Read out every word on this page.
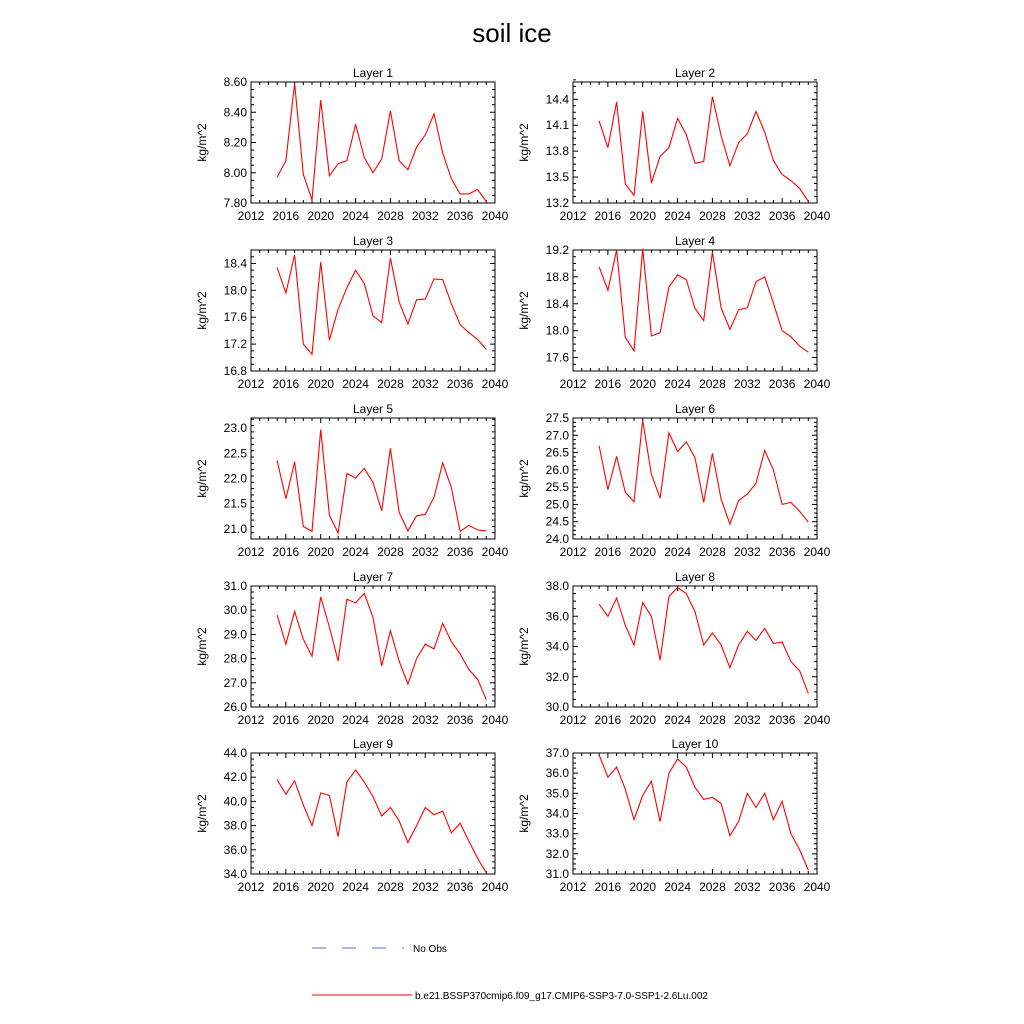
soil ice
Layer 1
kg/m^2
2012 2016 2020 2024 2028 2032 2036 2040
7.80
8.00
8.20
8.40
8.60
Layer 2
kg/m^2
2012 2016 2020 2024 2028 2032 2036 2040
13.2
13.5
13.8
14.1
14.4
Layer 3
kg/m^2
2012 2016 2020 2024 2028 2032 2036 2040
16.8
17.2
17.6
18.0
18.4
Layer 4
kg/m^2
2012 2016 2020 2024 2028 2032 2036 2040
17.6
18.0
18.4
18.8
19.2
Layer 5
kg/m^2
2012 2016 2020 2024 2028 2032 2036 2040
21.0
21.5
22.0
22.5
23.0
Layer 6
kg/m^2
2012 2016 2020 2024 2028 2032 2036 2040
24.0
24.5
25.0
25.5
26.0
26.5
27.0
27.5
Layer 7
kg/m^2
2012 2016 2020 2024 2028 2032 2036 2040
26.0
27.0
28.0
29.0
30.0
31.0
Layer 8
kg/m^2
2012 2016 2020 2024 2028 2032 2036 2040
30.0
32.0
34.0
36.0
38.0
Layer 9
kg/m^2
2012 2016 2020 2024 2028 2032 2036 2040
34.0
36.0
38.0
40.0
42.0
44.0
Layer 10
kg/m^2
2012 2016 2020 2024 2028 2032 2036 2040
31.0
32.0
33.0
34.0
35.0
36.0
37.0
No Obs
b.e21.BSSP370cmip6.f09_g17.CMIP6-SSP3-7.0-SSP1-2.6Lu.002
